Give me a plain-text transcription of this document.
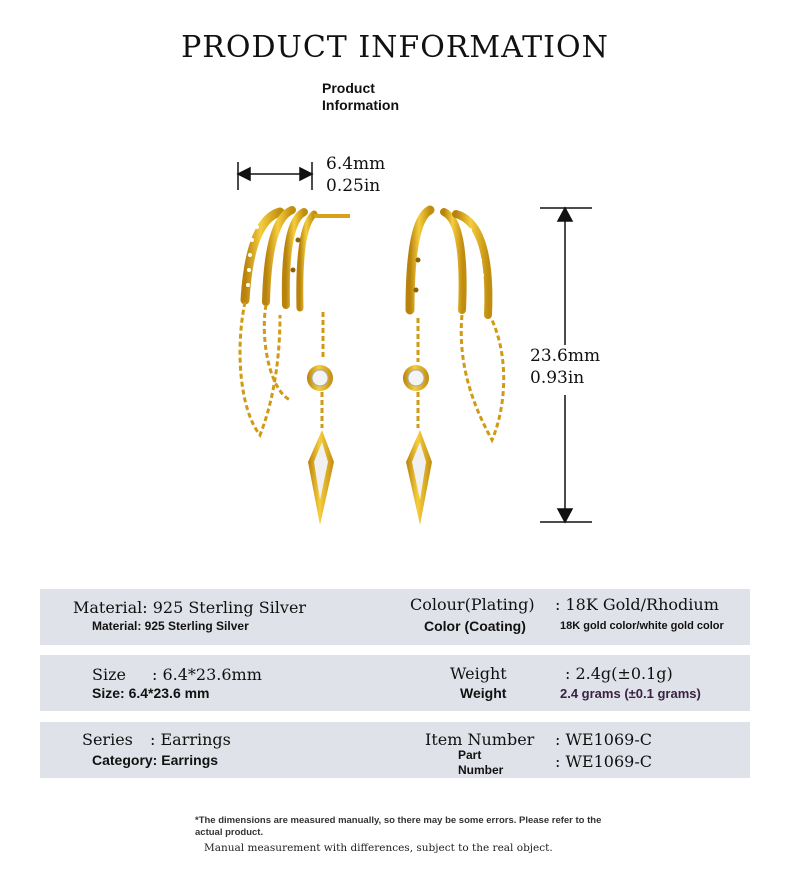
PRODUCT INFORMATION
Product
Information
6.4mm
0.25in
23.6mm
0.93in
Material: 925 Sterling Silver
Material: 925 Sterling Silver
Colour(Plating) : 18K Gold/Rhodium
Color (Coating)	18K gold color/white gold color
Size : 6.4*23.6mm
Size: 6.4*23.6 mm
Weight	: 2.4g(±0.1g)
Weight	2.4 grams (±0.1 grams)
Series : Earrings
Category: Earrings
Item Number : WE1069-C
Part
Number	: WE1069-C
*The dimensions are measured manually, so there may be some errors. Please refer to the actual product.
Manual measurement with differences, subject to the real object.
